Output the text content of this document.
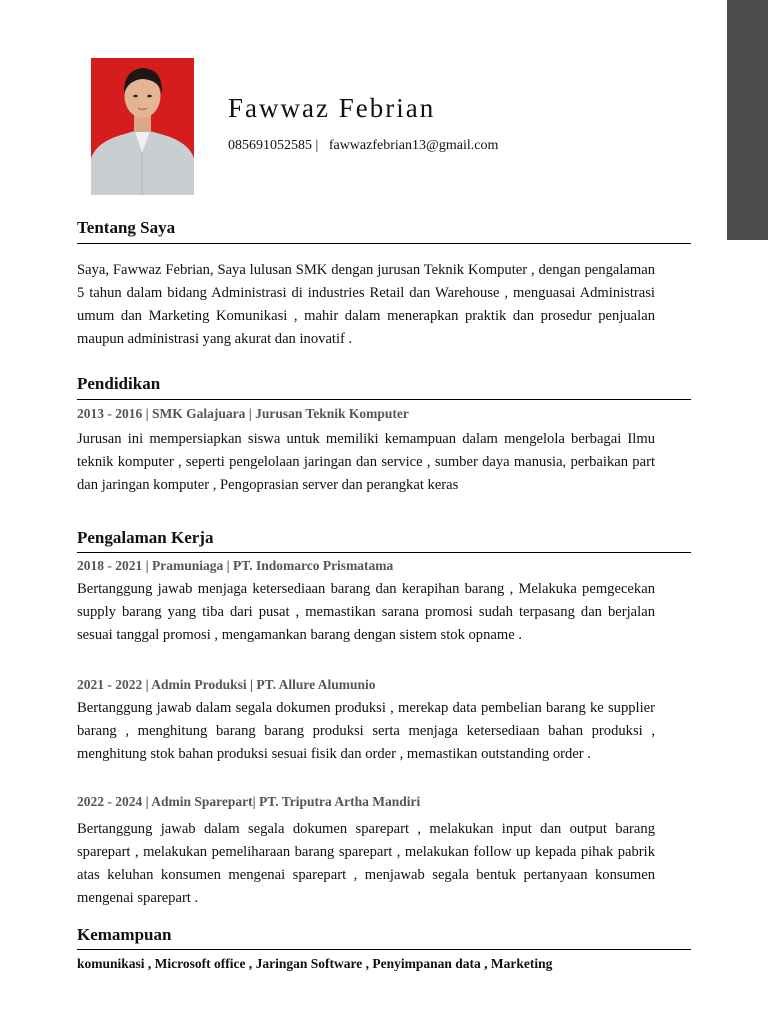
Fawwaz Febrian
085691052585 | fawwazfebrian13@gmail.com
Tentang Saya
Saya, Fawwaz Febrian, Saya lulusan SMK dengan jurusan Teknik Komputer , dengan pengalaman 5 tahun dalam bidang Administrasi di industries Retail dan Warehouse , menguasai Administrasi umum dan Marketing Komunikasi , mahir dalam menerapkan praktik dan prosedur penjualan maupun administrasi yang akurat dan inovatif .
Pendidikan
2013 - 2016 | SMK Galajuara | Jurusan Teknik Komputer
Jurusan ini mempersiapkan siswa untuk memiliki kemampuan dalam mengelola berbagai Ilmu teknik komputer , seperti pengelolaan jaringan dan service , sumber daya manusia, perbaikan part dan jaringan komputer , Pengoprasian server dan perangkat keras
Pengalaman Kerja
2018 - 2021 | Pramuniaga | PT. Indomarco Prismatama
Bertanggung jawab menjaga ketersediaan barang dan kerapihan barang , Melakuka pemgecekan supply barang yang tiba dari pusat , memastikan sarana promosi sudah terpasang dan berjalan sesuai tanggal promosi , mengamankan barang dengan sistem stok opname .
2021 - 2022 | Admin Produksi | PT. Allure Alumunio
Bertanggung jawab dalam segala dokumen produksi , merekap data pembelian barang ke supplier barang , menghitung barang barang produksi serta menjaga ketersediaan bahan produksi , menghitung stok bahan produksi sesuai fisik dan order , memastikan outstanding order .
2022 - 2024 | Admin Sparepart| PT. Triputra Artha Mandiri
Bertanggung jawab dalam segala dokumen sparepart , melakukan input dan output barang sparepart , melakukan pemeliharaan barang sparepart , melakukan follow up kepada pihak pabrik atas keluhan konsumen mengenai sparepart , menjawab segala bentuk pertanyaan konsumen mengenai sparepart .
Kemampuan
komunikasi , Microsoft office , Jaringan Software , Penyimpanan data , Marketing
